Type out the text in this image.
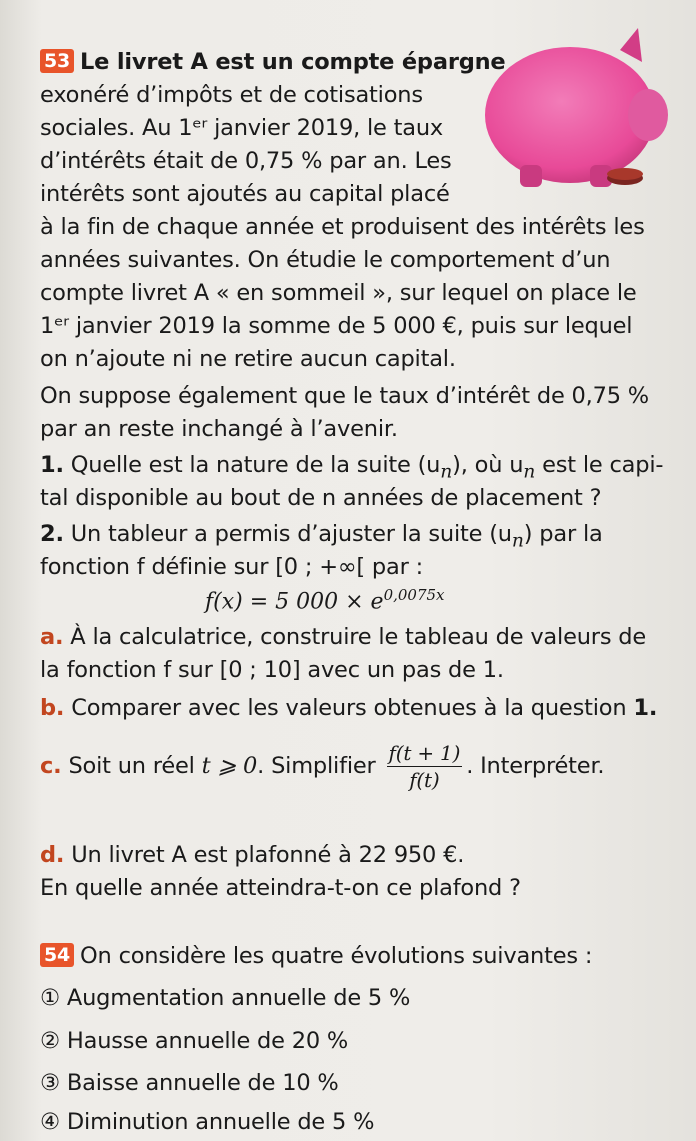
53 Le livret A est un compte épargne
exonéré d’impôts et de cotisations
sociales. Au 1ᵉʳ janvier 2019, le taux
d’intérêts était de 0,75 % par an. Les
intérêts sont ajoutés au capital placé
à la fin de chaque année et produisent des intérêts les
années suivantes. On étudie le comportement d’un
compte livret A « en sommeil », sur lequel on place le
1ᵉʳ janvier 2019 la somme de 5 000 €, puis sur lequel
on n’ajoute ni ne retire aucun capital.
On suppose également que le taux d’intérêt de 0,75 %
par an reste inchangé à l’avenir.
1. Quelle est la nature de la suite $(u_n)$, où $u_n$ est le capi-
tal disponible au bout de n années de placement ?
2. Un tableur a permis d’ajuster la suite $(u_n)$ par la
fonction f définie sur [0 ; +∞[ par :
f(x) = 5 $000 \times e^{0,0075x}$
a. À la calculatrice, construire le tableau de valeurs de
la fonction f sur [0 ; 10] avec un pas de 1.
b. Comparer avec les valeurs obtenues à la question 1.
c. Soit un réel t ⩾ 0. Simplifier $\frac{f(t + 1)}{f(t)}$ . Interpréter.
d. Un livret A est plafonné à 22 950 €.
En quelle année atteindra-t-on ce plafond ?
54 On considère les quatre évolutions suivantes :
① Augmentation annuelle de 5 %
② Hausse annuelle de 20 %
③ Baisse annuelle de 10 %
④ Diminution annuelle de 5 %
